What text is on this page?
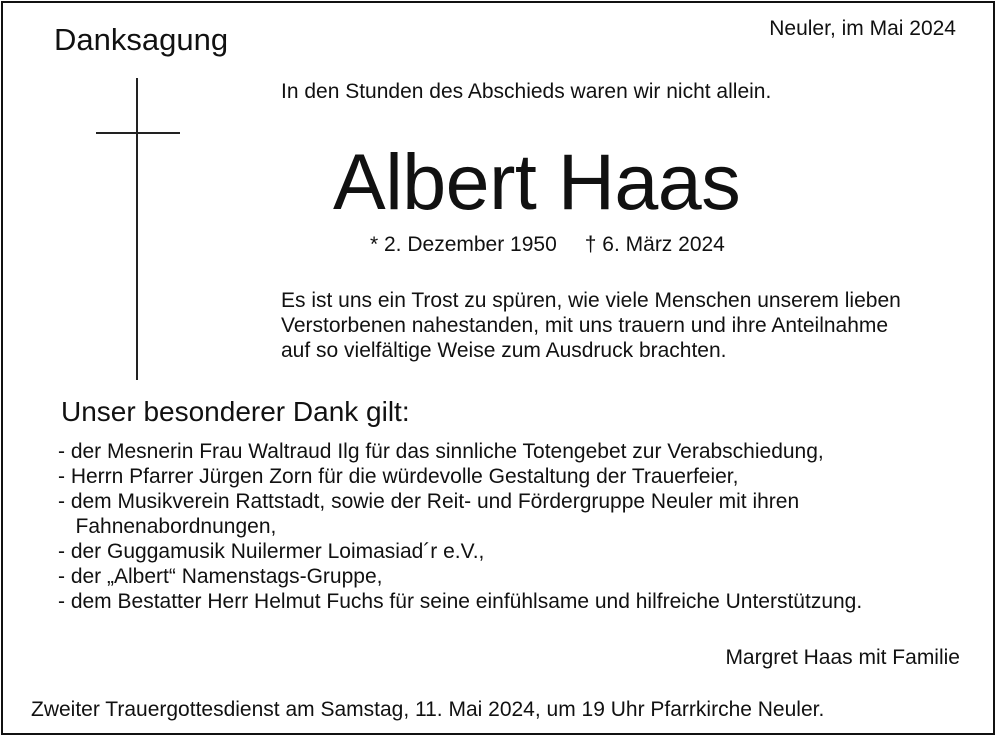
Danksagung	Neuler, im Mai 2024
In den Stunden des Abschieds waren wir nicht allein.
Albert Haas
* 2. Dezember 1950 † 6. März 2024
Es ist uns ein Trost zu spüren, wie viele Menschen unserem lieben
Verstorbenen nahestanden, mit uns trauern und ihre Anteilnahme
auf so vielfältige Weise zum Ausdruck brachten.
Unser besonderer Dank gilt:
- der Mesnerin Frau Waltraud Ilg für das sinnliche Totengebet zur Verabschiedung,
- Herrn Pfarrer Jürgen Zorn für die würdevolle Gestaltung der Trauerfeier,
- dem Musikverein Rattstadt, sowie der Reit- und Fördergruppe Neuler mit ihren
Fahnenabordnungen,
- der Guggamusik Nuilermer Loimasiad´r e.V.,
- der „Albert“ Namenstags-Gruppe,
- dem Bestatter Herr Helmut Fuchs für seine einfühlsame und hilfreiche Unterstützung.
Margret Haas mit Familie
Zweiter Trauergottesdienst am Samstag, 11. Mai 2024, um 19 Uhr Pfarrkirche Neuler.
